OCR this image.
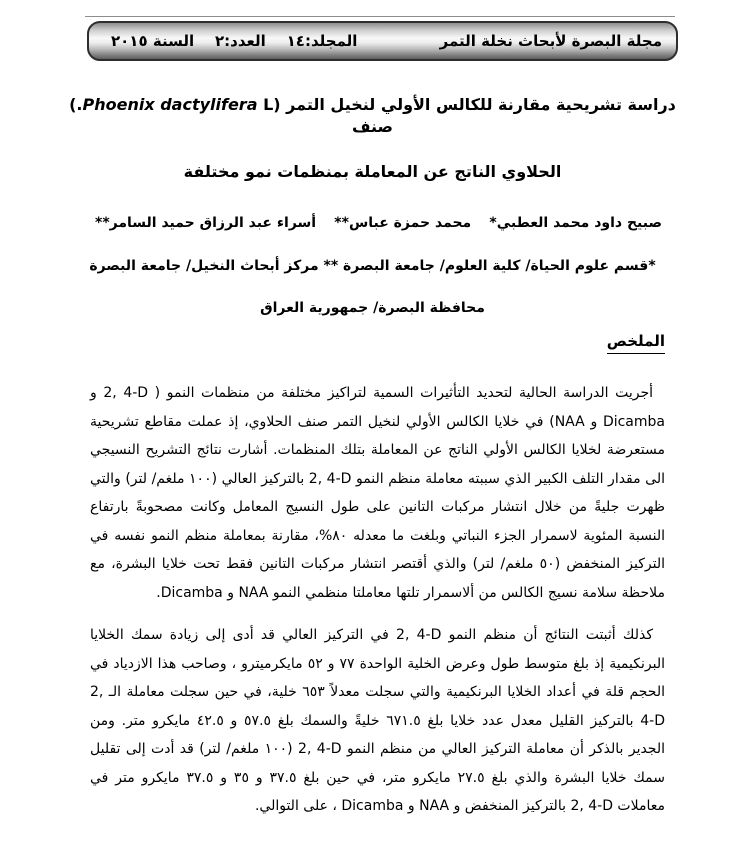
مجلة البصرة لأبحاث نخلة التمر
المجلد:١٤    العدد:٢    السنة ٢٠١٥
دراسة تشريحية مقارنة للكالس الأولي لنخيل التمر (Phoenix dactylifera L.) صنف
الحلاوي الناتج عن المعاملة بمنظمات نمو مختلفة
صبيح داود محمد العطبي*
محمد حمزة عباس**
أسراء عبد الرزاق حميد السامر**
*قسم علوم الحياة/ كلية العلوم/ جامعة البصرة ** مركز أبحاث النخيل/ جامعة البصرة
محافظة البصرة/ جمهورية العراق
الملخص

أجريت الدراسة الحالية لتحديد التأثيرات السمية لتراكيز مختلفة من منظمات النمو ( ‪2, 4-D‬ و Dicamba و NAA) في خلايا الكالس الأولي لنخيل التمر صنف الحلاوي، إذ عملت مقاطع تشريحية مستعرضة لخلايا الكالس الأولي الناتج عن المعاملة بتلك المنظمات. أشارت نتائج التشريح النسيجي الى مقدار التلف الكبير الذي سببته معاملة منظم النمو ‪2, 4-D‬ بالتركيز العالي (١٠٠ ملغم/ لتر) والتي ظهرت جليةً من خلال انتشار مركبات التانين على طول النسيج المعامل وكانت مصحوبةً بارتفاع النسبة المئوية لاسمرار الجزء النباتي وبلغت ما معدله ٨٠%، مقارنة بمعاملة منظم النمو نفسه في التركيز المنخفض (٥٠ ملغم/ لتر) والذي أقتصر انتشار مركبات التانين فقط تحت خلايا البشرة، مع ملاحظة سلامة نسيج الكالس من ألاسمرار تلتها معاملتا منظمي النمو NAA و Dicamba.

كذلك أثبتت النتائج أن منظم النمو ‪2, 4-D‬ في التركيز العالي قد أدى إلى زيادة سمك الخلايا البرنكيمية إذ بلغ متوسط طول وعرض الخلية الواحدة ٧٧ و ٥٢ مايكرميترو ، وصاحب هذا الازدياد في الحجم قلة في أعداد الخلايا البرنكيمية والتي سجلت معدلاً ٦٥٣ خلية، في حين سجلت معاملة الـ ‪2, 4-D‬ بالتركيز القليل معدل عدد خلايا بلغ ٦٧١.٥ خليةً والسمك بلغ ٥٧.٥ و ٤٢.٥ مايكرو متر. ومن الجدير بالذكر أن معاملة التركيز العالي من منظم النمو ‪2, 4-D‬ (١٠٠ ملغم/ لتر) قد أدت إلى تقليل سمك خلايا البشرة والذي بلغ ٢٧.٥ مايكرو متر، في حين بلغ ٣٧.٥ و ٣٥ و ٣٧.٥ مايكرو متر في معاملات ‪2, 4-D‬ بالتركيز المنخفض و NAA و Dicamba ، على التوالي.
